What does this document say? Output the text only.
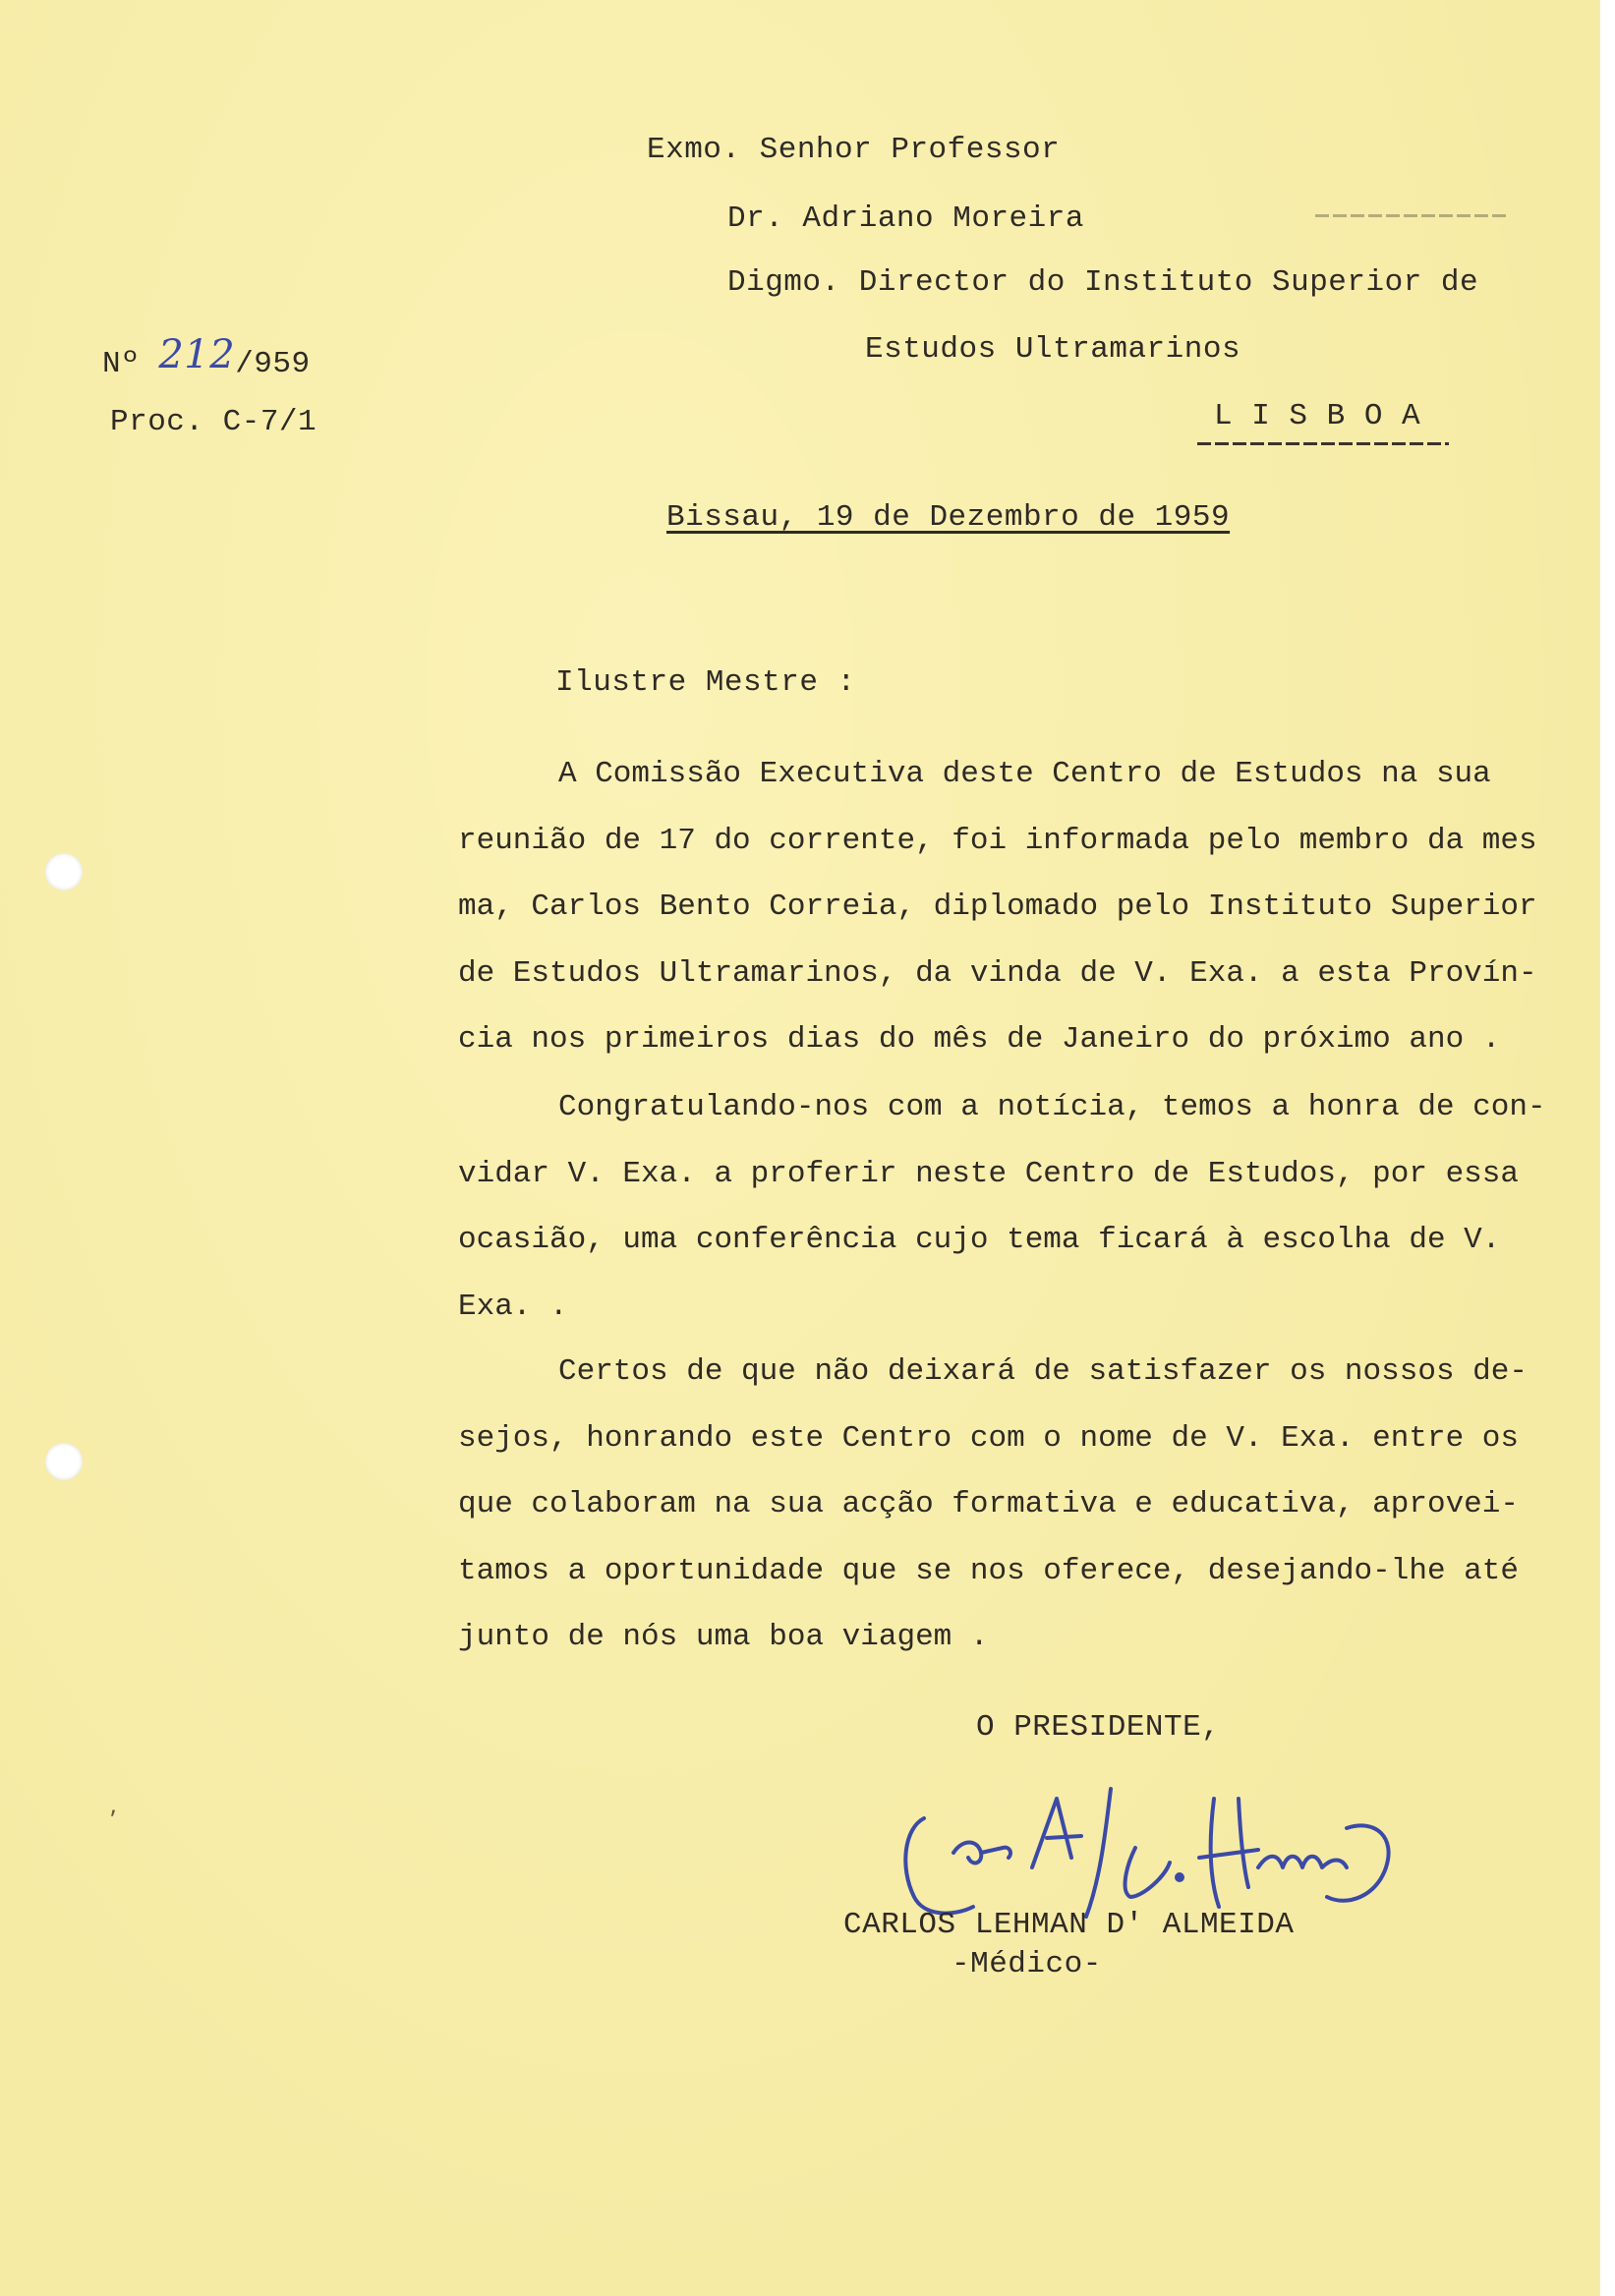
Exmo. Senhor Professor
Dr. Adriano Moreira
Digmo. Director do Instituto Superior de
Estudos Ultramarinos
L I S B O A
Nº 212/959
Proc. C-7/1
Bissau, 19 de Dezembro de 1959
Ilustre Mestre :
A Comissão Executiva deste Centro de Estudos na sua
reunião de 17 do corrente, foi informada pelo membro da mes
ma, Carlos Bento Correia, diplomado pelo Instituto Superior
de Estudos Ultramarinos, da vinda de V. Exa. a esta Provín-
cia nos primeiros dias do mês de Janeiro do próximo ano .
Congratulando-nos com a notícia, temos a honra de con-
vidar V. Exa. a proferir neste Centro de Estudos, por essa
ocasião, uma conferência cujo tema ficará à escolha de V.
Exa. .
Certos de que não deixará de satisfazer os nossos de-
sejos, honrando este Centro com o nome de V. Exa. entre os
que colaboram na sua acção formativa e educativa, aprovei-
tamos a oportunidade que se nos oferece, desejando-lhe até
junto de nós uma boa viagem .
O PRESIDENTE,
CARLOS LEHMAN D' ALMEIDA
-Médico-
⸴
